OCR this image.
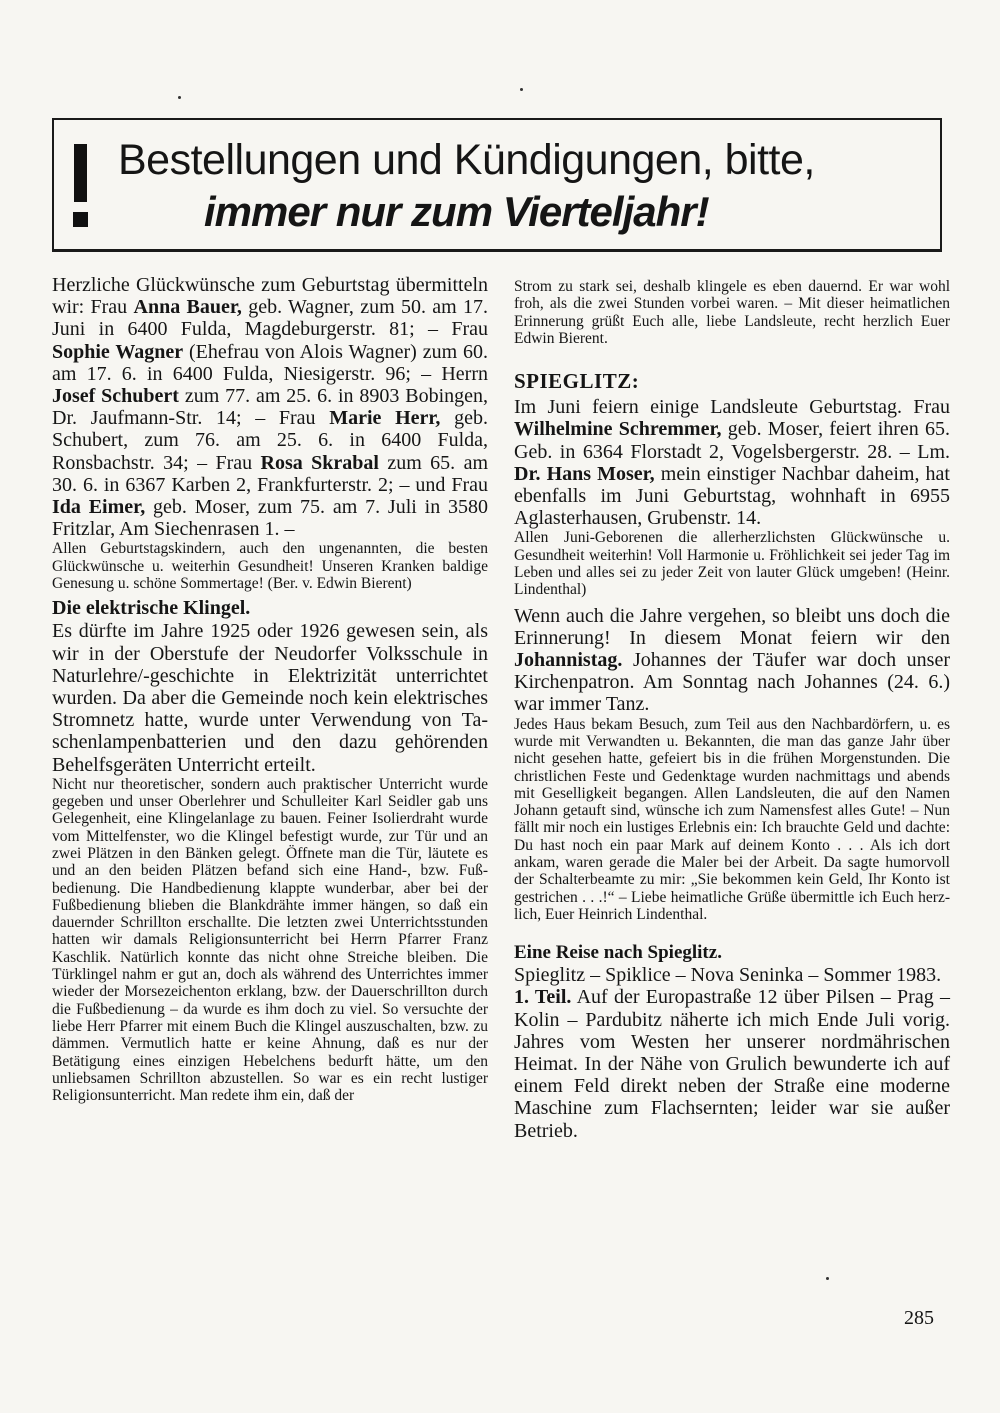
Bestellungen und Kündigungen, bitte,
immer nur zum Vierteljahr!

Herzliche Glückwünsche zum Geburtstag übermitteln wir: Frau Anna Bauer, geb. Wagner, zum 50. am 17. Juni in 6400 Fulda, Magdeburgerstr. 81; – Frau Sophie Wagner (Ehefrau von Alois Wagner) zum 60. am 17. 6. in 6400 Fulda, Niesigerstr. 96; – Herrn Josef Schubert zum 77. am 25. 6. in 8903 Bobingen, Dr. Jaufmann-Str. 14; – Frau Marie Herr, geb. Schubert, zum 76. am 25. 6. in 6400 Fulda, Ronsbachstr. 34; – Frau Rosa Skrabal zum 65. am 30. 6. in 6367 Karben 2, Frankfurterstr. 2; – und Frau Ida Eimer, geb. Moser, zum 75. am 7. Juli in 3580 Fritzlar, Am Siechenrasen 1. –

Allen Geburtstagskindern, auch den ungenannten, die besten Glückwünsche u. weiterhin Gesundheit! Unseren Kranken baldige Genesung u. schöne Sommertage! (Ber. v. Edwin Bierent)

Die elektrische Klingel.

Es dürfte im Jahre 1925 oder 1926 gewesen sein, als wir in der Oberstufe der Neudorfer Volksschule in Naturlehre/-geschichte in Elektrizität unterrichtet wurden. Da aber die Gemeinde noch kein elektrisches Stromnetz hatte, wurde unter Verwendung von Taschenlampenbatterien und den dazu gehörenden Behelfsgeräten Unterricht erteilt.

Nicht nur theoretischer, sondern auch praktischer Unterricht wurde gegeben und unser Oberlehrer und Schulleiter Karl Seidler gab uns Gelegenheit, eine Klingelanlage zu bauen. Feiner Isolierdraht wurde vom Mittelfenster, wo die Klingel befestigt wurde, zur Tür und an zwei Plätzen in den Bänken gelegt. Öffnete man die Tür, läutete es und an den beiden Plätzen befand sich eine Hand-, bzw. Fußbedienung. Die Handbedienung klappte wunderbar, aber bei der Fußbedienung blieben die Blankdrähte immer hängen, so daß ein dauernder Schrillton erschallte. Die letzten zwei Unterrichtsstunden hatten wir damals Religionsunterricht bei Herrn Pfarrer Franz Kaschlik. Natürlich konnte das nicht ohne Streiche bleiben. Die Türklingel nahm er gut an, doch als während des Unterrichtes immer wieder der Morsezeichenton erklang, bzw. der Dauerschrillton durch die Fußbedienung – da wurde es ihm doch zu viel. So versuchte der liebe Herr Pfarrer mit einem Buch die Klingel auszuschalten, bzw. zu dämmen. Vermutlich hatte er keine Ahnung, daß es nur der Betätigung eines einzigen Hebelchens bedurft hätte, um den unliebsamen Schrillton abzustellen. So war es ein recht lustiger Religionsunterricht. Man redete ihm ein, daß der

Strom zu stark sei, deshalb klingele es eben dauernd. Er war wohl froh, als die zwei Stunden vorbei waren. – Mit dieser heimatlichen Erinnerung grüßt Euch alle, liebe Landsleute, recht herzlich Euer Edwin Bierent.

SPIEGLITZ:

Im Juni feiern einige Landsleute Geburtstag. Frau Wilhelmine Schremmer, geb. Moser, feiert ihren 65. Geb. in 6364 Florstadt 2, Vogelsbergerstr. 28. – Lm. Dr. Hans Moser, mein einstiger Nachbar daheim, hat ebenfalls im Juni Geburtstag, wohnhaft in 6955 Aglasterhausen, Grubenstr. 14.

Allen Juni-Geborenen die allerherzlichsten Glückwünsche u. Gesundheit weiterhin! Voll Harmonie u. Fröhlichkeit sei jeder Tag im Leben und alles sei zu jeder Zeit von lauter Glück umgeben! (Heinr. Lindenthal)

Wenn auch die Jahre vergehen, so bleibt uns doch die Erinnerung! In diesem Monat feiern wir den Johannistag. Johannes der Täufer war doch unser Kirchenpatron. Am Sonntag nach Johannes (24. 6.) war immer Tanz.

Jedes Haus bekam Besuch, zum Teil aus den Nachbardörfern, u. es wurde mit Verwandten u. Bekannten, die man das ganze Jahr über nicht gesehen hatte, gefeiert bis in die frühen Morgenstunden. Die christlichen Feste und Gedenktage wurden nachmittags und abends mit Geselligkeit begangen. Allen Landsleuten, die auf den Namen Johann getauft sind, wünsche ich zum Namensfest alles Gute! – Nun fällt mir noch ein lustiges Erlebnis ein: Ich brauchte Geld und dachte: Du hast noch ein paar Mark auf deinem Konto . . . Als ich dort ankam, waren gerade die Maler bei der Arbeit. Da sagte humorvoll der Schalterbeamte zu mir: „Sie bekommen kein Geld, Ihr Konto ist gestrichen . . .!“ – Liebe heimatliche Grüße übermittle ich Euch herzlich, Euer Heinrich Lindenthal.

Eine Reise nach Spieglitz.

Spieglitz – Spiklice – Nova Seninka – Sommer 1983.

1. Teil. Auf der Europastraße 12 über Pilsen – Prag – Kolin – Pardubitz näherte ich mich Ende Juli vorig. Jahres vom Westen her unserer nordmährischen Heimat. In der Nähe von Grulich bewunderte ich auf einem Feld direkt neben der Straße eine moderne Maschine zum Flachsernten; leider war sie außer Betrieb.

285
